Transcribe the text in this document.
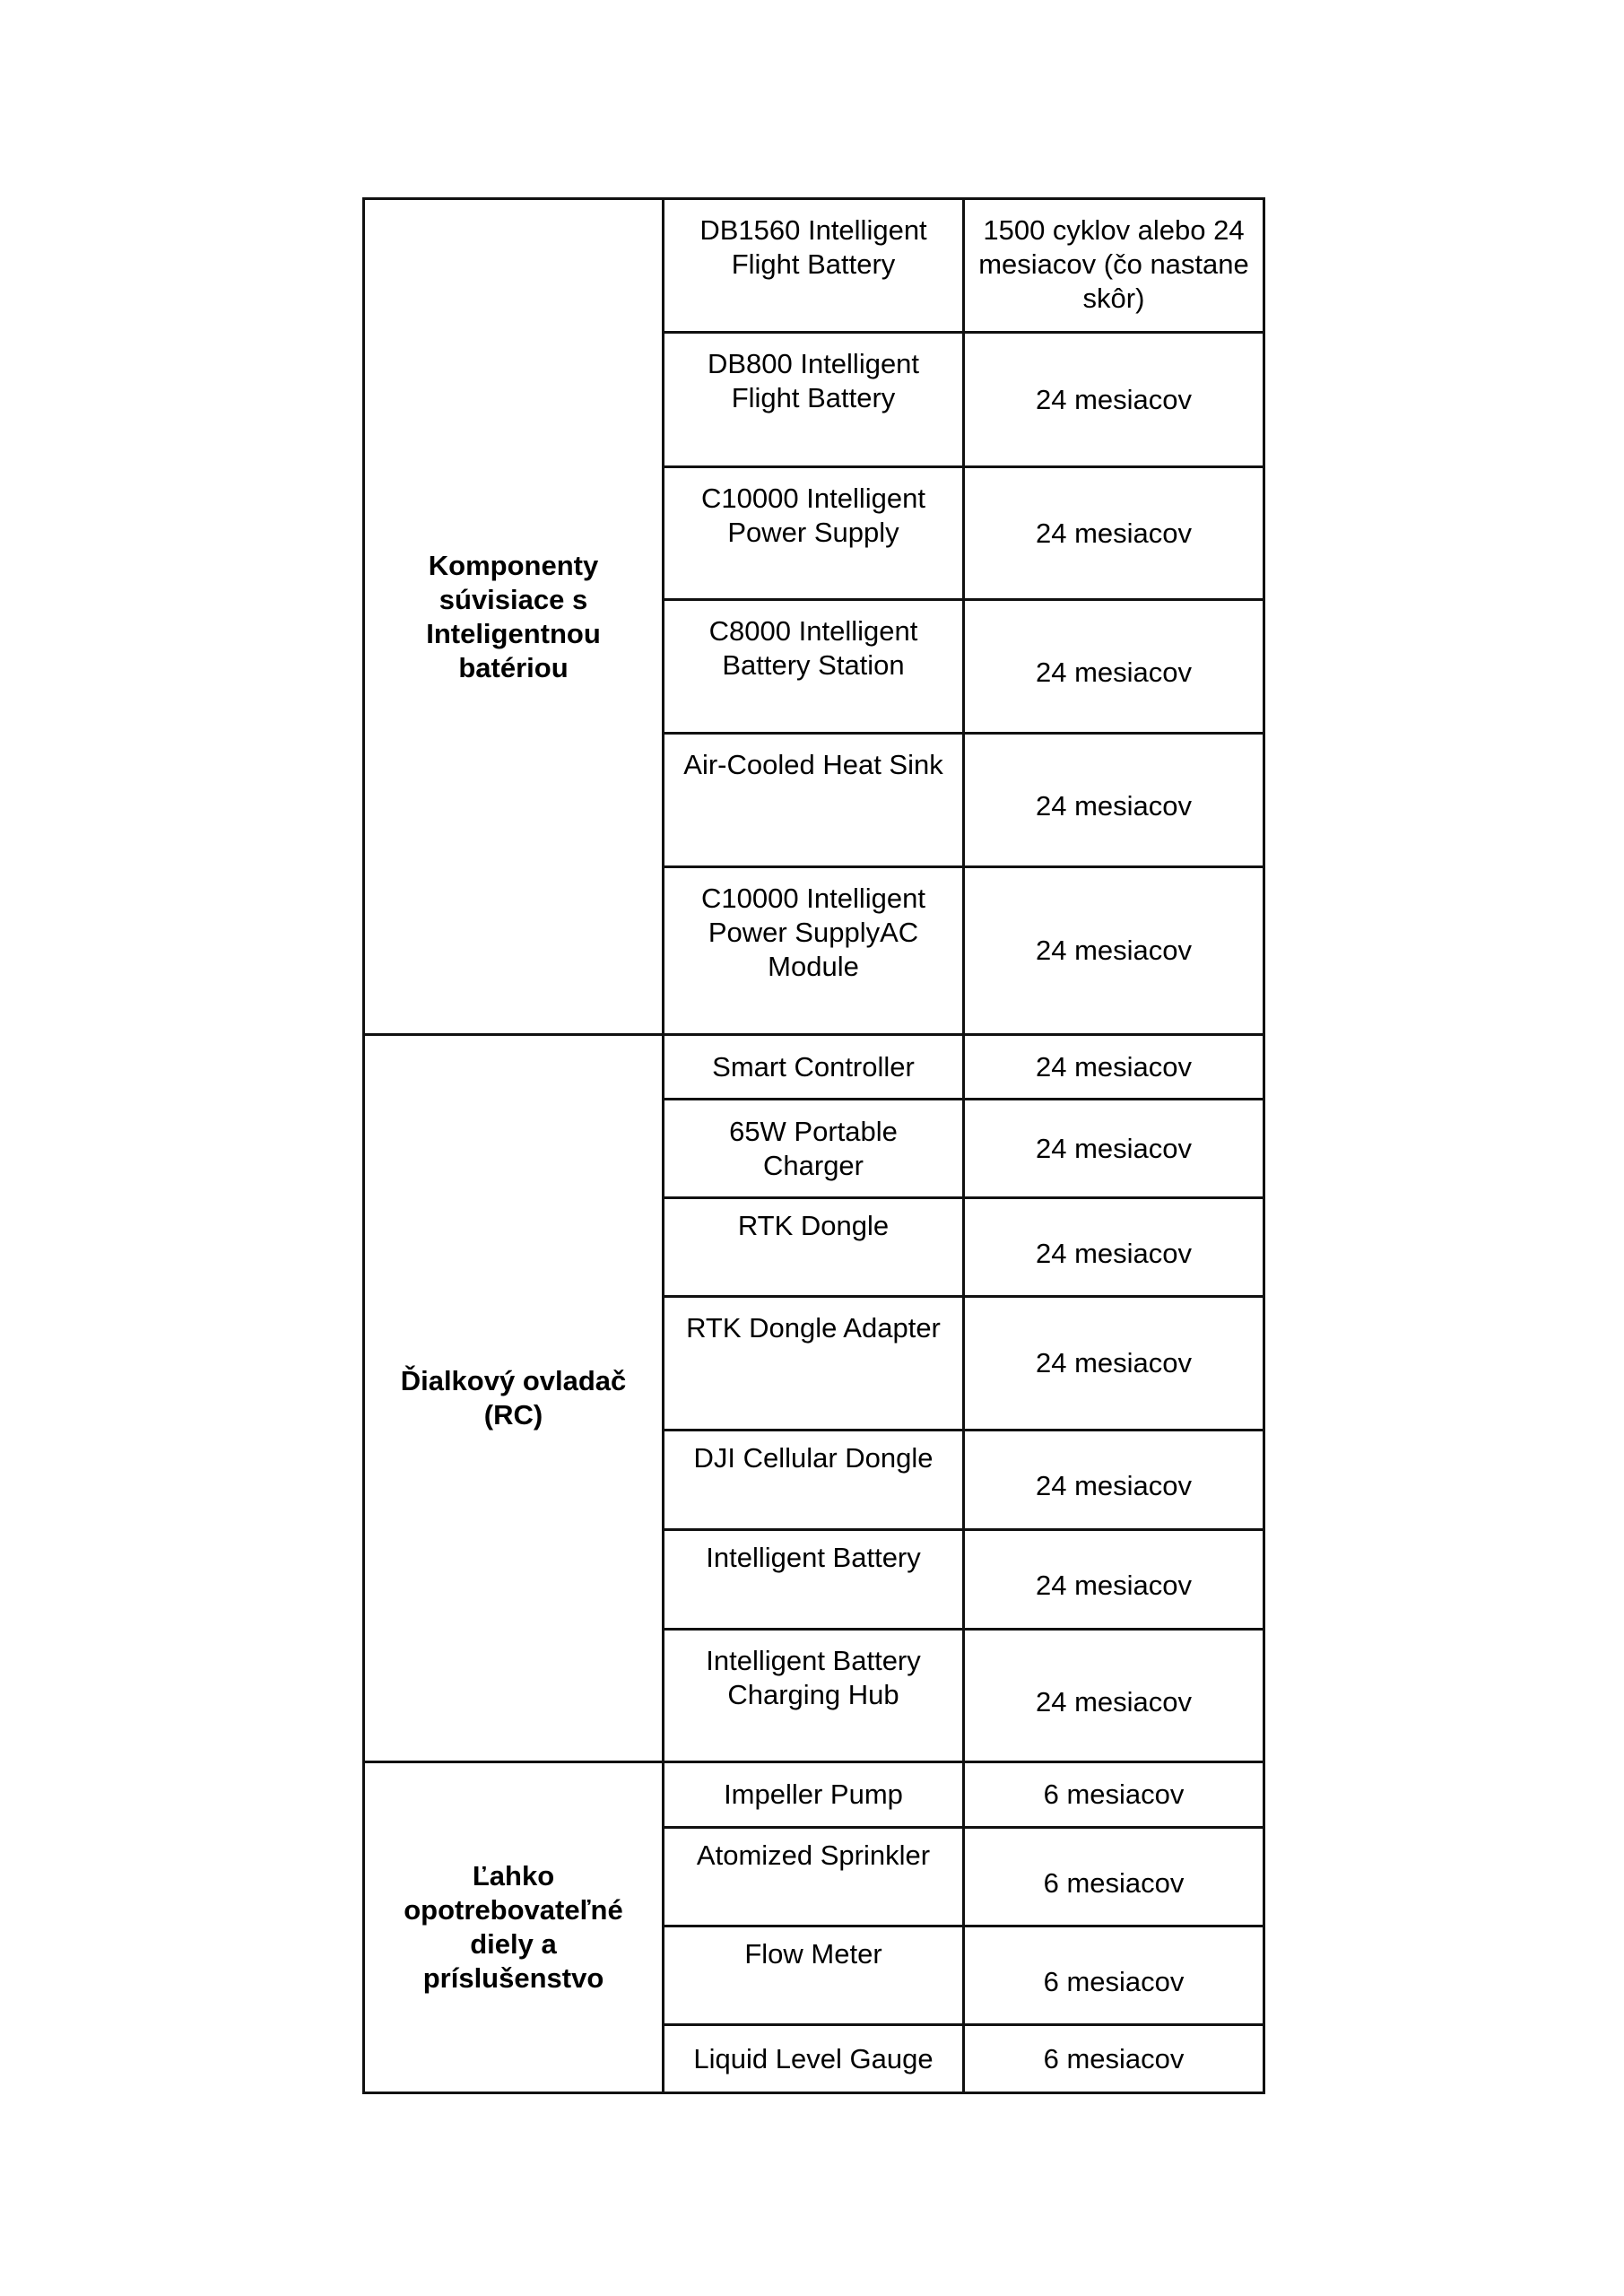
Komponenty súvisiace s Inteligentnou batériou	DB1560 Intelligent Flight Battery	1500 cyklov alebo 24 mesiacov (čo nastane skôr)
	DB800 Intelligent Flight Battery	24 mesiacov
	C10000 Intelligent Power Supply	24 mesiacov
	C8000 Intelligent Battery Station	24 mesiacov
	Air-Cooled Heat Sink	24 mesiacov
	C10000 Intelligent Power SupplyAC Module	24 mesiacov
Ďialkový ovladač (RC)	Smart Controller	24 mesiacov
	65W Portable Charger	24 mesiacov
	RTK Dongle	24 mesiacov
	RTK Dongle Adapter	24 mesiacov
	DJI Cellular Dongle	24 mesiacov
	Intelligent Battery	24 mesiacov
	Intelligent Battery Charging Hub	24 mesiacov
Ľahko opotrebovateľné diely a príslušenstvo	Impeller Pump	6 mesiacov
	Atomized Sprinkler	6 mesiacov
	Flow Meter	6 mesiacov
	Liquid Level Gauge	6 mesiacov
